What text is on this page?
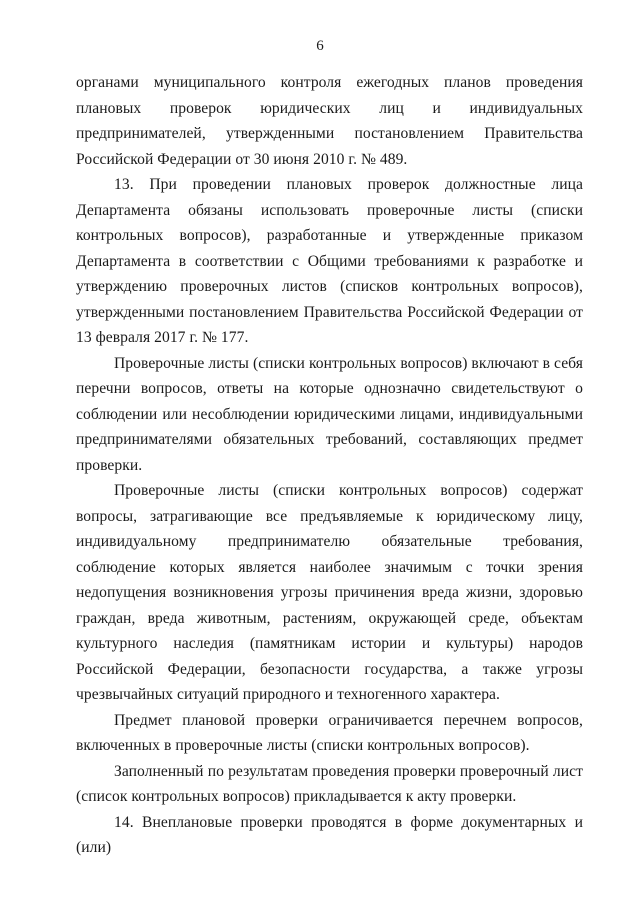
6

органами муниципального контроля ежегодных планов проведения плановых проверок юридических лиц и индивидуальных предпринимателей, утвержденными постановлением Правительства Российской Федерации от 30 июня 2010 г. № 489.

13. При проведении плановых проверок должностные лица Департамента обязаны использовать проверочные листы (списки контрольных вопросов), разработанные и утвержденные приказом Департамента в соответствии с Общими требованиями к разработке и утверждению проверочных листов (списков контрольных вопросов), утвержденными постановлением Правительства Российской Федерации от 13 февраля 2017 г. № 177.

Проверочные листы (списки контрольных вопросов) включают в себя перечни вопросов, ответы на которые однозначно свидетельствуют о соблюдении или несоблюдении юридическими лицами, индивидуальными предпринимателями обязательных требований, составляющих предмет проверки.

Проверочные листы (списки контрольных вопросов) содержат вопросы, затрагивающие все предъявляемые к юридическому лицу, индивидуальному предпринимателю обязательные требования, соблюдение которых является наиболее значимым с точки зрения недопущения возникновения угрозы причинения вреда жизни, здоровью граждан, вреда животным, растениям, окружающей среде, объектам культурного наследия (памятникам истории и культуры) народов Российской Федерации, безопасности государства, а также угрозы чрезвычайных ситуаций природного и техногенного характера.

Предмет плановой проверки ограничивается перечнем вопросов, включенных в проверочные листы (списки контрольных вопросов).

Заполненный по результатам проведения проверки проверочный лист (список контрольных вопросов) прикладывается к акту проверки.

14. Внеплановые проверки проводятся в форме документарных и (или)
